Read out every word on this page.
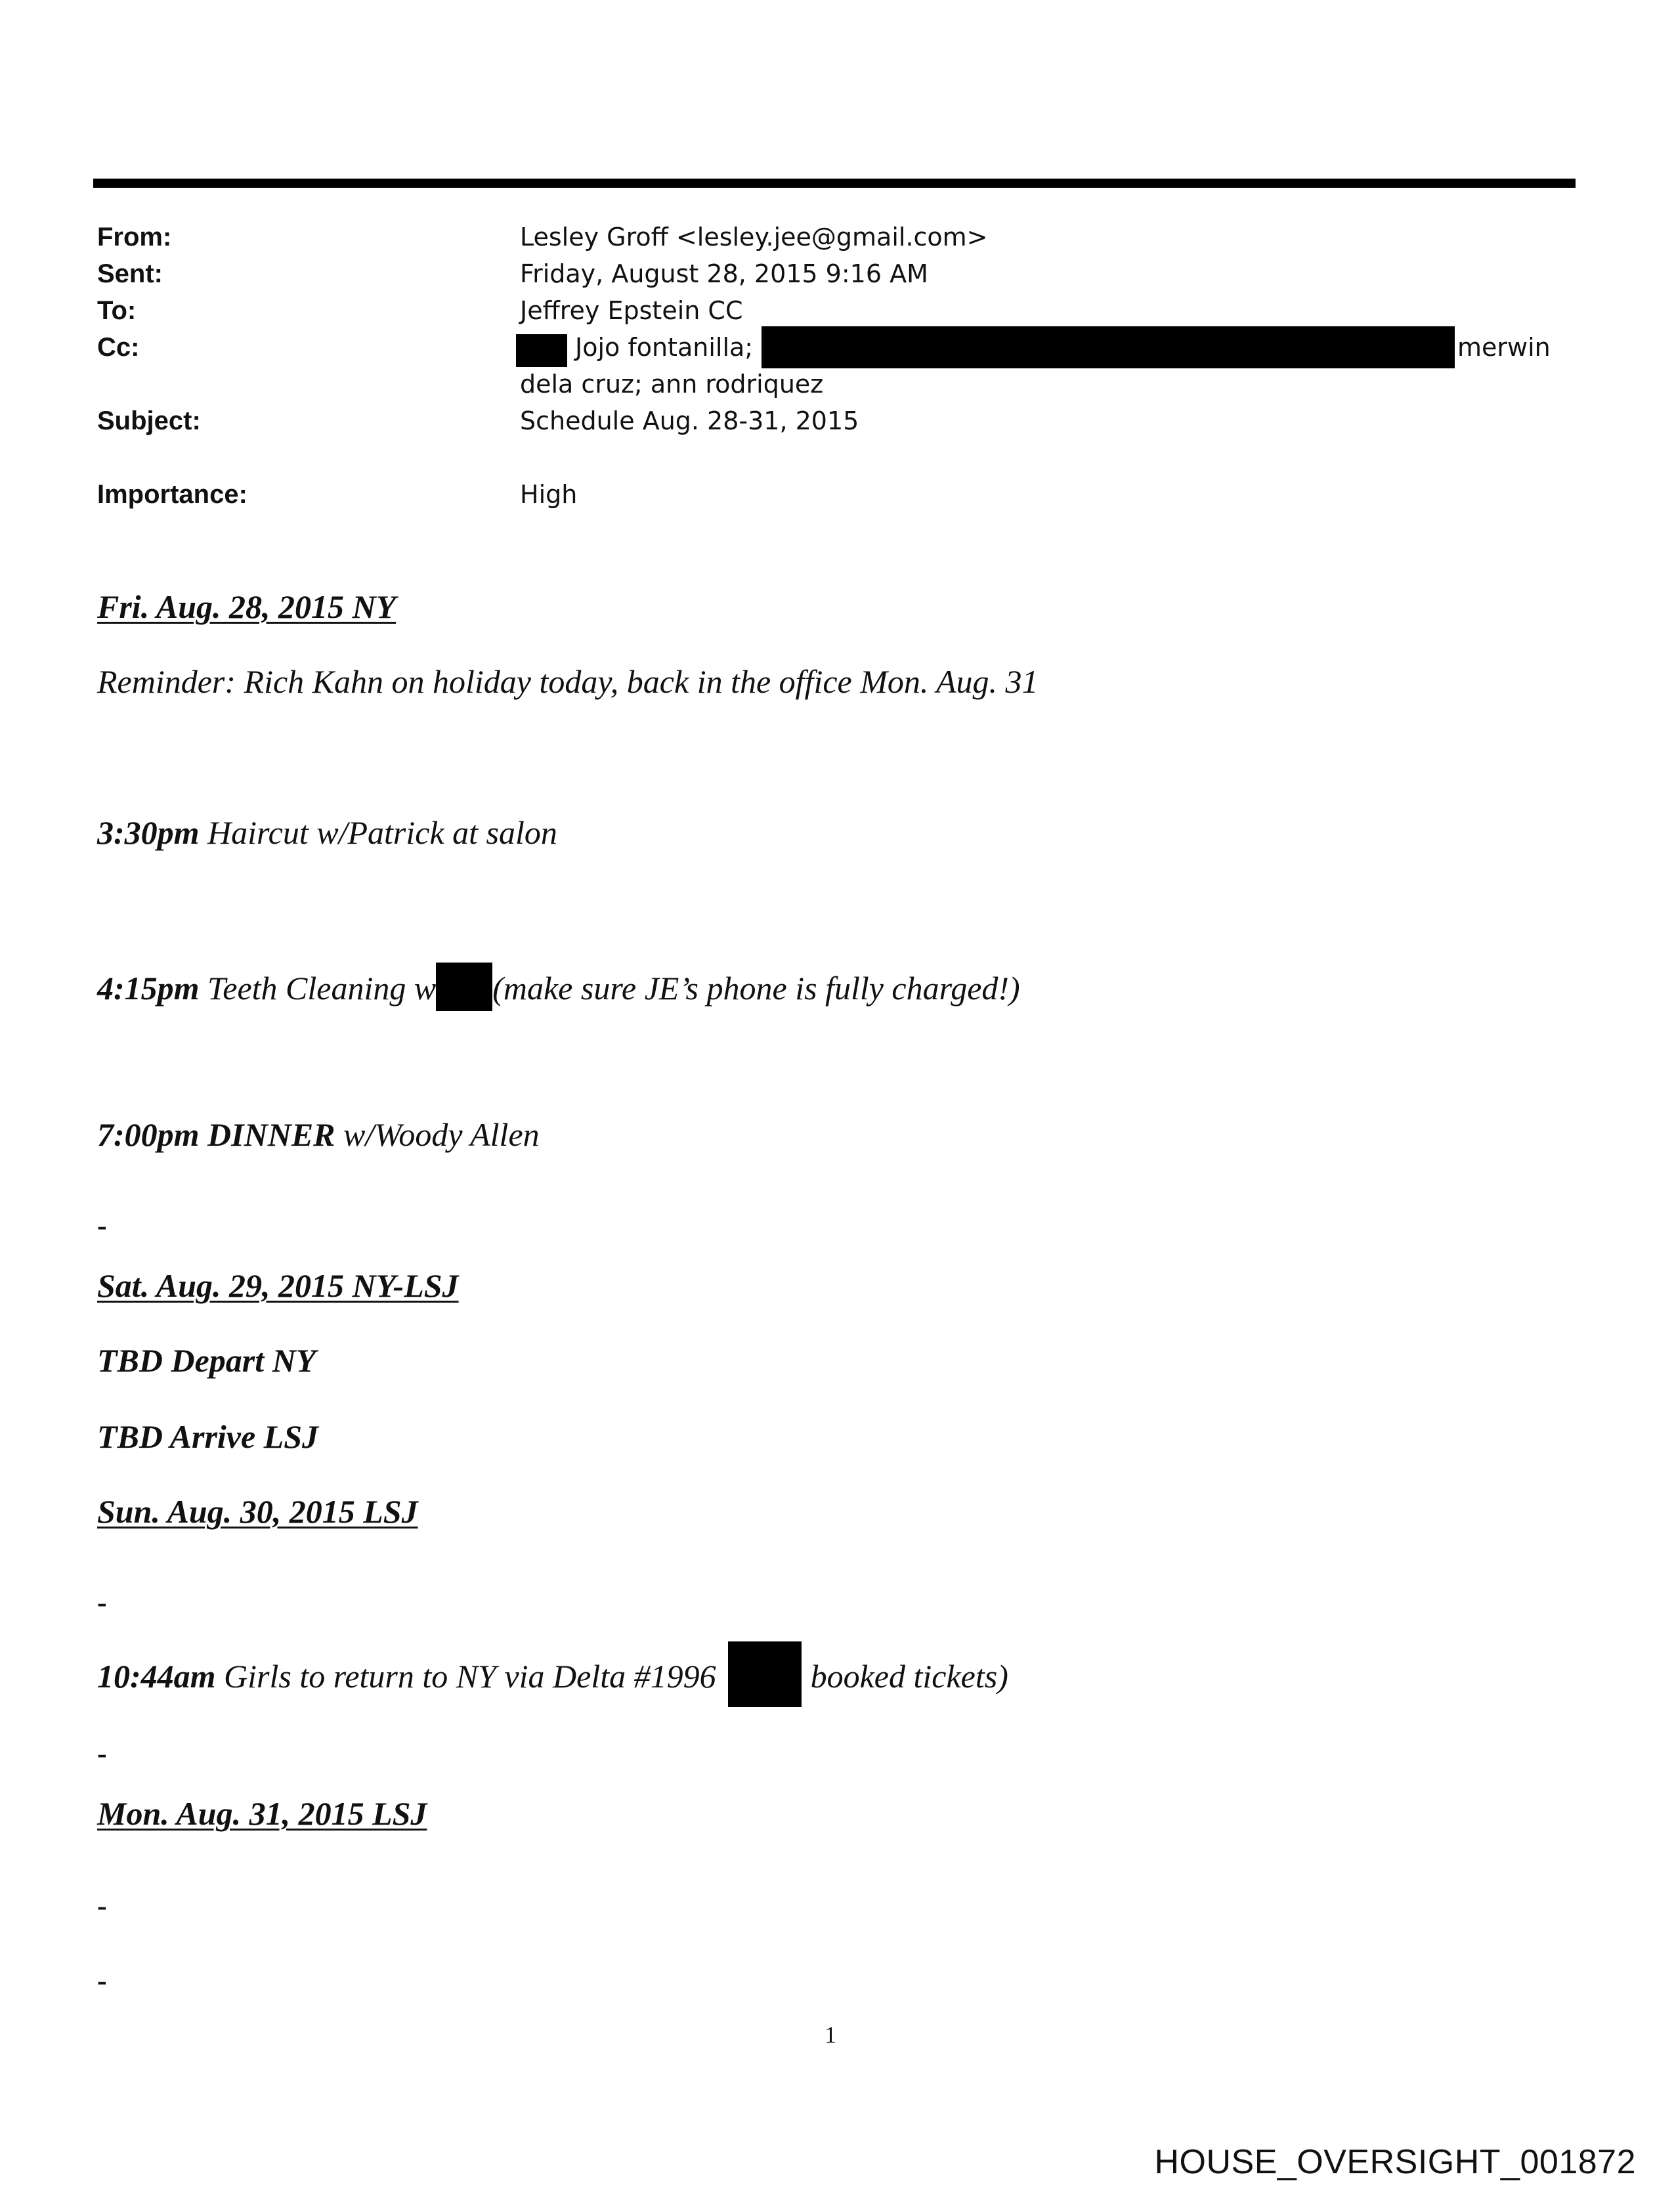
From:	Lesley Groff <lesley.jee@gmail.com>
Sent:	Friday, August 28, 2015 9:16 AM
To:	Jeffrey Epstein CC
Cc:	Jojo fontanilla;	merwin
dela cruz; ann rodriquez
Subject:	Schedule Aug. 28-31, 2015
Importance:	High
Fri. Aug. 28, 2015 NY
Reminder: Rich Kahn on holiday today, back in the office Mon. Aug. 31
3:30pm Haircut w/Patrick at salon
4:15pm Teeth Cleaning w (make sure JE’s phone is fully charged!)
7:00pm DINNER w/Woody Allen
-
Sat. Aug. 29, 2015 NY-LSJ
TBD Depart NY
TBD Arrive LSJ
Sun. Aug. 30, 2015 LSJ
-
10:44am Girls to return to NY via Delta #1996	booked tickets)
-
Mon. Aug. 31, 2015 LSJ
-
-
1
HOUSE_OVERSIGHT_001872
